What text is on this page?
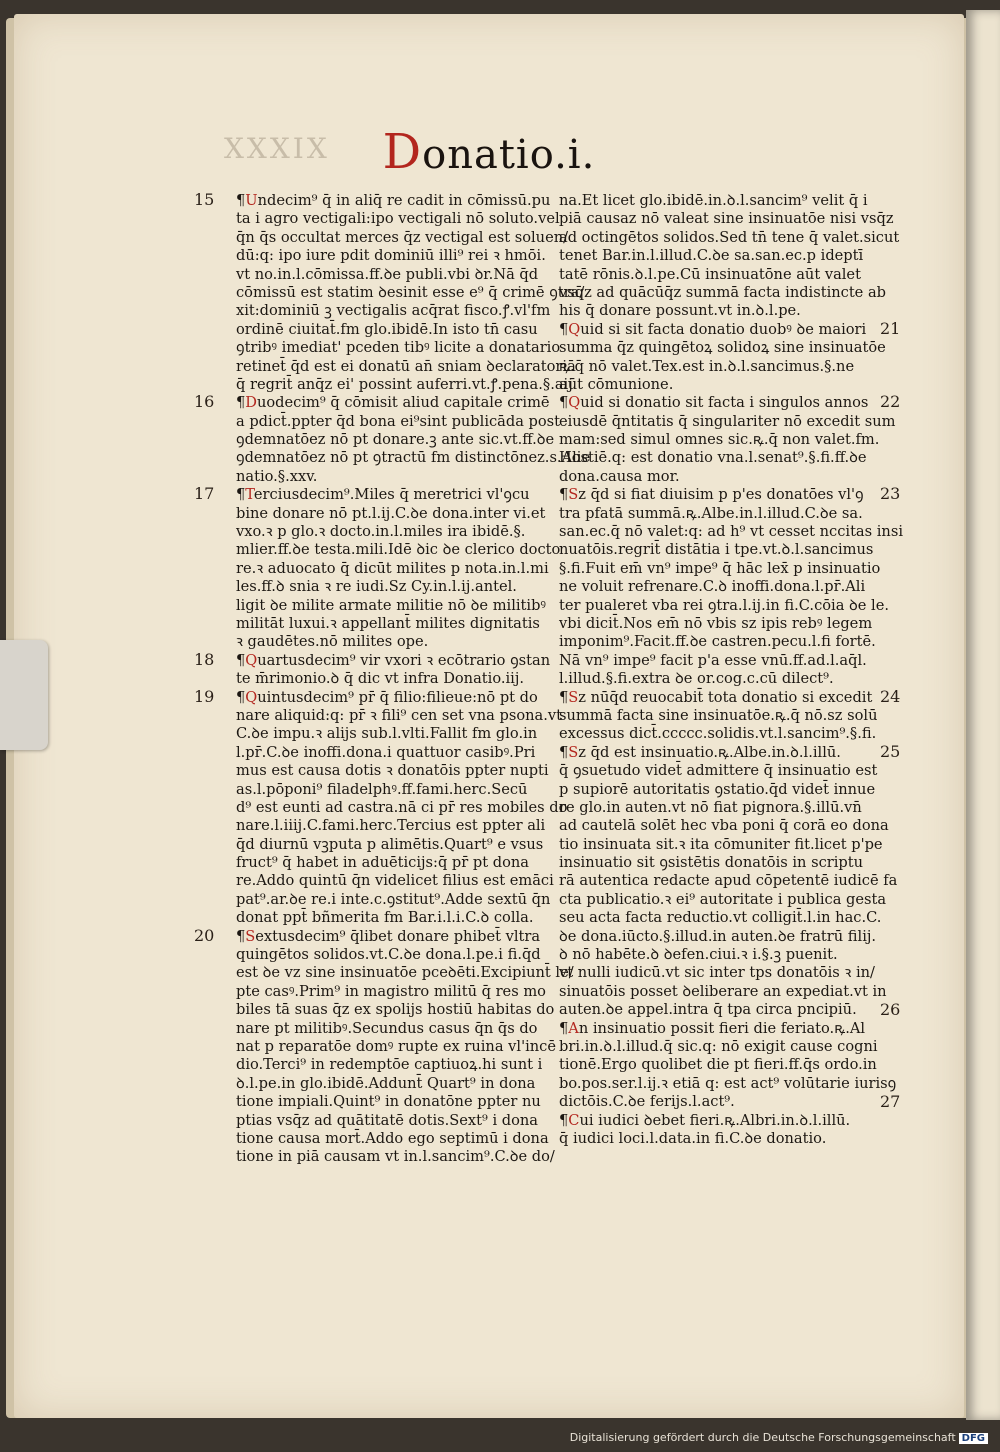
XXXIX	Donatio.i.
¶Undecim⁹ q̄ in aliq̄ re cadit in cōmissū.pu
ta i agro vectigali:ipo vectigali nō soluto.vel
q̄n q̄s occultat merces q̄z vectigal est soluen/
dū:q: ipo iure pdit dominiū illi⁹ rei ꝛ hmōi.
vt no.in.l.cōmissa.ff.ꝺe publi.vbi ꝺr.Nā q̄d
cōmissū est statim ꝺesinit esse e⁹ q̄ crimē ꝯtra/
xit:dominiū ꝫ vectigalis acq̄rat fisco.ꝭ.vl'fm
ordinē ciuitat̄.fm glo.ibidē.In isto tn̄ casu
ꝯtribꝰ imediat' pceden tibꝰ licite a donatario
retinet̄ q̄d est ei donatū an̄ sniam ꝺeclaratoriā
q̄ regrit̄ anq̄z ei' possint auferri.vt.ꝭ.pena.§.aij
¶Duodecim⁹ q̄ cōmisit aliud capitale crimē
a pdict̄.ppter q̄d bona ei⁹sint publicāda post
ꝯdemnatōez nō pt donare.ꝫ ante sic.vt.ff.ꝺe
ꝯdemnatōez nō pt ꝯtractū fm distinctōnez.s.Alie
natio.§.xxv.
¶Terciusdecim⁹.Miles q̄ meretrici vl'ꝯcu
bine donare nō pt.l.ij.C.ꝺe dona.inter vi.et
vxo.ꝛ p glo.ꝛ docto.in.l.miles ira ibidē.§.
mlier.ff.ꝺe testa.mili.Idē ꝺic ꝺe clerico docto
re.ꝛ aduocato q̄ dicūt milites p nota.in.l.mi
les.ff.ꝺ snia ꝛ re iudi.Sz Cy.in.l.ij.antel.
ligit ꝺe milite armate militie nō ꝺe militibꝰ
militāt luxui.ꝛ appellant̄ milites dignitatis
ꝛ gaudētes.nō milites ope.
¶Quartusdecim⁹ vir vxori ꝛ ecōtrario ꝯstan
te m̄rimonio.ꝺ q̄ dic vt infra Donatio.iij.
¶Quintusdecim⁹ pr̄ q̄ filio:filieue:nō pt do
nare aliquid:q: pr̄ ꝛ fili⁹ cen set vna psona.vt
C.ꝺe impu.ꝛ alijs sub.l.vlti.Fallit fm glo.in
l.pr̄.C.ꝺe inoffi.dona.i quattuor casibꝰ.Pri
mus est causa dotis ꝛ donatōis ppter nupti
as.l.pōponi⁹ filadelphꝰ.ff.fami.herc.Secū
d⁹ est eunti ad castra.nā ci pr̄ res mobiles do
nare.l.iiij.C.fami.herc.Tercius est ppter ali
q̄d diurnū vꝫputa p alimētis.Quart⁹ e vsus
fruct⁹ q̄ habet in aduēticijs:q̄ pr̄ pt dona
re.Addo quintū q̄n videlicet filius est emāci
pat⁹.ar.ꝺe re.i inte.c.ꝯstitut⁹.Adde sextū q̄n
donat ppt̄ bñmerita fm Bar.i.l.i.C.ꝺ colla.
¶Sextusdecim⁹ q̄libet donare phibet̄ vltra
quingētos solidos.vt.C.ꝺe dona.l.pe.i fi.q̄d
est ꝺe vz sine insinuatōe pceꝺēti.Excipiunt̄ le/
pte casꝰ.Prim⁹ in magistro militū q̄ res mo
biles tā suas q̄z ex spolijs hostiū habitas do
nare pt militibꝰ.Secundus casus q̄n q̄s do
nat p reparatōe domꝰ rupte ex ruina vl'incē
dio.Terci⁹ in redemptōe captiuoꝝ.hi sunt i
ꝺ.l.pe.in glo.ibidē.Addunt̄ Quart⁹ in dona
tione impiali.Quint⁹ in donatōne ppter nu
ptias vsq̄z ad quātitatē dotis.Sext⁹ i dona
tione causa mort̄.Addo ego septimū i dona
tione in piā causam vt in.l.sancim⁹.C.ꝺe do/
na.Et licet glo.ibidē.in.ꝺ.l.sancim⁹ velit q̄ i
piā causaz nō valeat sine insinuatōe nisi vsq̄z
ad octingētos solidos.Sed tn̄ tene q̄ valet.sicut
tenet Bar.in.l.illud.C.ꝺe sa.san.ec.p ideptī
tatē rōnis.ꝺ.l.pe.Cū insinuatōne aūt valet
vsq̄z ad quācūq̄z summā facta indistincte ab
his q̄ donare possunt.vt in.ꝺ.l.pe.
¶Quid si sit facta donatio duobꝰ ꝺe maiori
summa q̄z quingētoꝝ solidoꝝ sine insinuatōe
ꝶ.q̄ nō valet.Tex.est in.ꝺ.l.sancimus.§.ne
aūt cōmunione.
¶Quid si donatio sit facta i singulos annos
eiusdē q̄ntitatis q̄ singulariter nō excedit sum
mam:sed simul omnes sic.ꝶ.q̄ non valet.fm.
Hostiē.q: est donatio vna.l.senat⁹.§.fi.ff.ꝺe
dona.causa mor.
¶Sz q̄d si fiat diuisim p p'es donatōes vl'ꝯ
tra pfatā summā.ꝶ.Albe.in.l.illud.C.ꝺe sa.
san.ec.q̄ nō valet:q: ad h⁹ vt cesset nccitas insi
nuatōis.regrit̄ distātia i tpe.vt.ꝺ.l.sancimus
§.fi.Fuit em̄ vn⁹ impe⁹ q̄ hāc lex̄ p insinuatio
ne voluit refrenare.C.ꝺ inoffi.dona.l.pr̄.Ali
ter pualeret vba rei ꝯtra.l.ij.in fi.C.cōia ꝺe le.
vbi dicit̄.Nos em̄ nō vbis sz ipis rebꝰ legem
imponim⁹.Facit.ff.ꝺe castren.pecu.l.fi fortē.
Nā vn⁹ impe⁹ facit p'a esse vnū.ff.ad.l.aq̄l.
l.illud.§.fi.extra ꝺe or.cog.c.cū dilect⁹.
¶Sz nūq̄d reuocabit̄ tota donatio si excedit
summā facta sine insinuatōe.ꝶ.q̄ nō.sz solū
excessus dict̄.ccccc.solidis.vt.l.sancim⁹.§.fi.
¶Sz q̄d est insinuatio.ꝶ.Albe.in.ꝺ.l.illū.
q̄ ꝯsuetudo videt̄ admittere q̄ insinuatio est
p supiorē autoritatis ꝯstatio.q̄d videt̄ innue
re glo.in auten.vt nō fiat pignora.§.illū.vn̄
ad cautelā solēt hec vba poni q̄ corā eo dona
tio insinuata sit.ꝛ ita cōmuniter fit.licet p'pe
insinuatio sit ꝯsistētis donatōis in scriptu
rā autentica redacte apud cōpetentē iudicē fa
cta publicatio.ꝛ ei⁹ autoritate i publica gesta
seu acta facta reductio.vt colligit̄.l.in hac.C.
ꝺe dona.iūcto.§.illud.in auten.ꝺe fratrū filij.
ꝺ nō habēte.ꝺ ꝺefen.ciui.ꝛ i.§.ꝫ puenit.
vt nulli iudicū.vt sic inter tps donatōis ꝛ in/
sinuatōis posset ꝺeliberare an expediat.vt in
auten.ꝺe appel.intra q̄ tpa circa pncipiū.
¶An insinuatio possit fieri die feriato.ꝶ.Al
bri.in.ꝺ.l.illud.q̄ sic.q: nō exigit cause cogni
tionē.Ergo quolibet die pt fieri.ff.q̄s ordo.in
bo.pos.ser.l.ij.ꝛ etiā q: est act⁹ volūtarie iurisꝯ
dictōis.C.ꝺe ferijs.l.act⁹.
¶Cui iudici ꝺebet fieri.ꝶ.Albri.in.ꝺ.l.illū.
q̄ iudici loci.l.data.in fi.C.ꝺe donatio.
15
16
17
18
19
20
21
22
23
24
25
26
27
Digitalisierung gefördert durch die Deutsche Forschungsgemeinschaft DFG
